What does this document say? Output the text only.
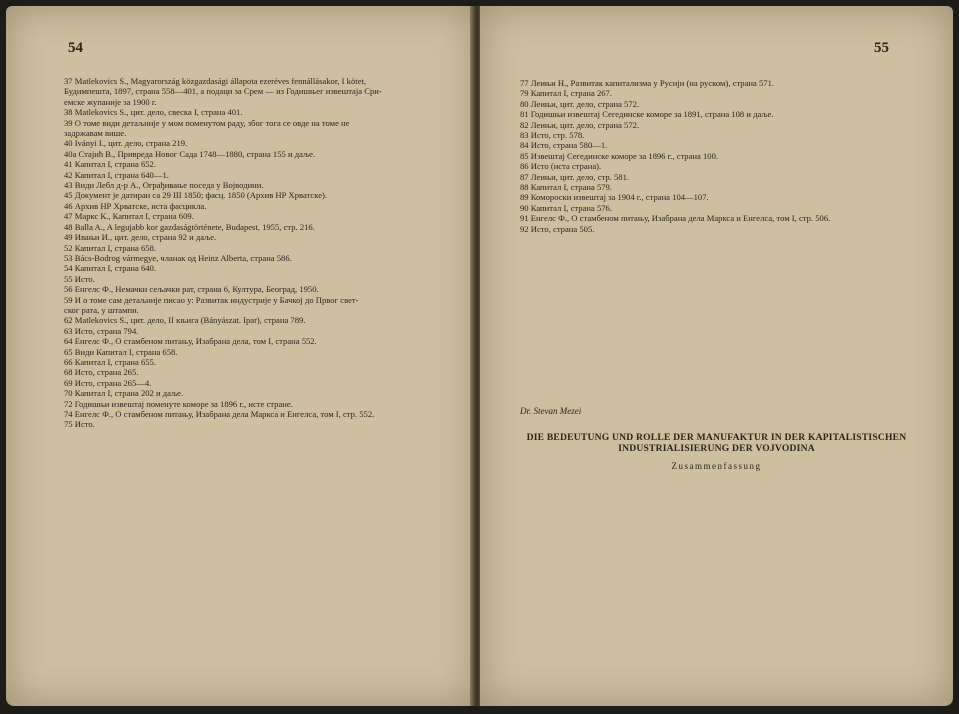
54
37 Matlekovics S., Magyarország közgazdasági állapota ezeréves fennállásakor, I kötet,
Будимпешта, 1897, страна 558—401, а подаци за Срем — из Годишњег извештаја Сри-
емске жупаније за 1900 г.
38 Matlekovics S., цит. дело, свеска I, страна 401.
39 О томе види детаљније у мом поменутом раду, због тога се овде на томе не
задржавам више.
40 Iványi I., цит. дело, страна 219.
40a Стајић В., Привреда Новог Сада 1748—1880, страна 155 и даље.
41 Капитал I, страна 652.
42 Капитал I, страна 640—1.
43 Види Лебл д-р А., Ограђивање поседа у Војводини.
45 Документ је датиран са 29 III 1850; фасц. 1850 (Архив НР Хрватске).
46 Архив НР Хрватске, иста фасцикла.
47 Маркс К., Капитал I, страна 609.
48 Balla A., A legujabb kor gazdaságtörténete, Budapest, 1955, стр. 216.
49 Ивањи И., цит. дело, страна 92 и даље.
52 Капитал I, страна 658.
53 Bács-Bodrog vármegye, чланак од Heinz Alberta, страна 586.
54 Капитал I, страна 640.
55 Исто.
56 Енгелс Ф., Немачки сељачки рат, страна 6, Култура, Београд, 1950.
59 И о томе сам детаљније писао у: Развитак индустрије у Бачкој до Првог свет-
ског рата, у штампи.
62 Matlekovics S., цит. дело, II књига (Bányászat. Ipar), страна 789.
63 Исто, страна 794.
64 Енгелс Ф., О стамбеном питању, Изабрана дела, том I, страна 552.
65 Види Капитал I, страна 658.
66 Капитал I, страна 655.
68 Исто, страна 265.
69 Исто, страна 265—4.
70 Капитал I, страна 202 и даље.
72 Годишњи извештај поменуте коморе за 1896 г., исте стране.
74 Енгелс Ф., О стамбеном питању, Изабрана дела Маркса и Енгелса, том I, стр. 552.
75 Исто.
55
77 Леињи Н., Развитак капитализма у Русији (на руском), страна 571.
79 Капитал I, страна 267.
80 Леињи, цит. дело, страна 572.
81 Годишњи извештај Сегединске коморе за 1891, страна 108 и даље.
82 Леињи, цит. дело, страна 572.
83 Исто, стр. 578.
84 Исто, страна 580—1.
85 Извештај Сегединске коморе за 1896 г., страна 100.
86 Исто (иста страна).
87 Леињи, цит. дело, стр. 581.
88 Капитал I, страна 579.
89 Комороски извештај за 1904 г., страна 104—107.
90 Капитал I, страна 576.
91 Енгелс Ф., О стамбеном питању, Изабрана дела Маркса и Енгелса, том I, стр. 506.
92 Исто, страна 505.
Dr. Stevan Mezei
DIE BEDEUTUNG UND ROLLE DER MANUFAKTUR IN DER KAPITALISTISCHEN
INDUSTRIALISIERUNG DER VOJVODINA
Zusammenfassung
